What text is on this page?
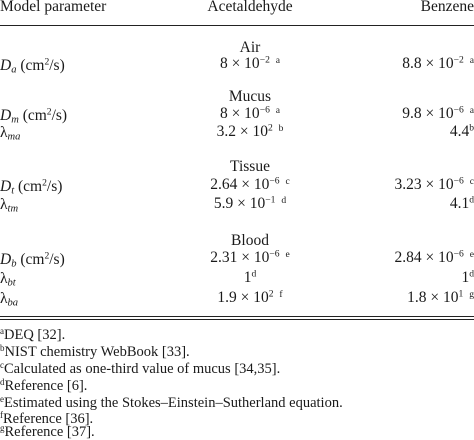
Model parameter	Acetaldehyde	Benzene
Air
$D_a$ $(cm^2/s)$	$8 \times 10^{-2}$ $^a$	$8.8 \times 10^{-2}$ $^a$
Mucus
$D_m$ $(cm^2/s)$	$8 \times 10^{-6}$ $^a$	$9.8 \times 10^{-6}$ $^a$
$\lambda_{ma}$	$3.2 \times 10^2$ $^b$	4.4$^b$
Tissue
$D_t$ $(cm^2/s)$	$2.64 \times 10^{-6}$ $^c$	$3.23 \times 10^{-6}$ $^c$
$\lambda_{tm}$	$5.9 \times 10^{-1}$ $^d$	4.1$^d$
Blood
$D_b$ $(cm^2/s)$	$2.31 \times 10^{-6}$ $^e$	$2.84 \times 10^{-6}$ $^e$
$\lambda_{bt}$	1$^d$	1$^d$
$\lambda_{ba}$	$1.9 \times 10^2$ $^f$	$1.8 \times 10^1$ $^g$
$^a$DEQ [32].
$^b$NIST chemistry WebBook [33].
$^c$Calculated as one-third value of mucus [34,35].
$^d$Reference [6].
$^e$Estimated using the Stokes–Einstein–Sutherland equation.
$^f$Reference [36].
$^g$Reference [37].
